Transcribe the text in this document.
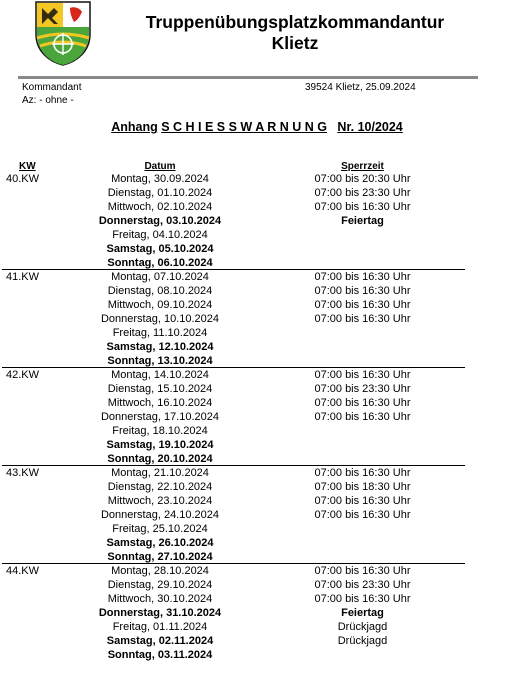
Truppenübungsplatzkommandantur
Klietz
Kommandant
Az: - ohne -
39524 Klietz, 25.09.2024
Anhang S C H I E S S W A R N U N G Nr. 10/2024
KW	Datum	Sperrzeit
40.KW	Montag, 30.09.2024	07:00 bis 20:30 Uhr
Dienstag, 01.10.2024	07:00 bis 23:30 Uhr
Mittwoch, 02.10.2024	07:00 bis 16:30 Uhr
Donnerstag, 03.10.2024	Feiertag
Freitag, 04.10.2024
Samstag, 05.10.2024
Sonntag, 06.10.2024
41.KW	Montag, 07.10.2024	07:00 bis 16:30 Uhr
Dienstag, 08.10.2024	07:00 bis 16:30 Uhr
Mittwoch, 09.10.2024	07:00 bis 16:30 Uhr
Donnerstag, 10.10.2024	07:00 bis 16:30 Uhr
Freitag, 11.10.2024
Samstag, 12.10.2024
Sonntag, 13.10.2024
42.KW	Montag, 14.10.2024	07:00 bis 16:30 Uhr
Dienstag, 15.10.2024	07:00 bis 23:30 Uhr
Mittwoch, 16.10.2024	07:00 bis 16:30 Uhr
Donnerstag, 17.10.2024	07:00 bis 16:30 Uhr
Freitag, 18.10.2024
Samstag, 19.10.2024
Sonntag, 20.10.2024
43.KW	Montag, 21.10.2024	07:00 bis 16:30 Uhr
Dienstag, 22.10.2024	07:00 bis 18:30 Uhr
Mittwoch, 23.10.2024	07:00 bis 16:30 Uhr
Donnerstag, 24.10.2024	07:00 bis 16:30 Uhr
Freitag, 25.10.2024
Samstag, 26.10.2024
Sonntag, 27.10.2024
44.KW	Montag, 28.10.2024	07:00 bis 16:30 Uhr
Dienstag, 29.10.2024	07:00 bis 23:30 Uhr
Mittwoch, 30.10.2024	07:00 bis 16:30 Uhr
Donnerstag, 31.10.2024	Feiertag
Freitag, 01.11.2024	Drückjagd
Samstag, 02.11.2024	Drückjagd
Sonntag, 03.11.2024
